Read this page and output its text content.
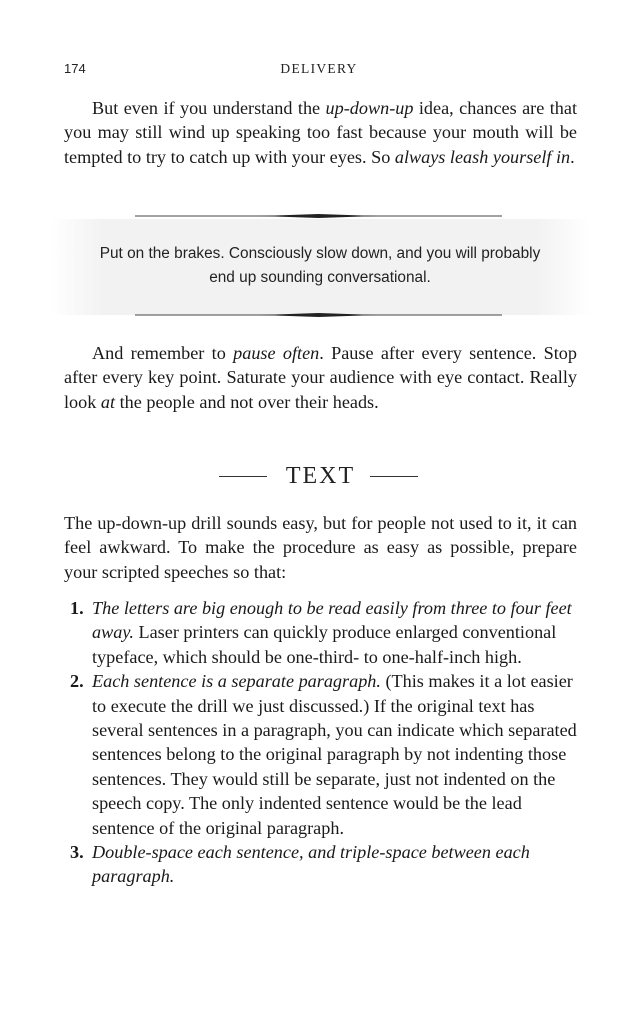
174	DELIVERY

But even if you understand the up-down-up idea, chances are that you may still wind up speaking too fast because your mouth will be tempted to try to catch up with your eyes. So always leash yourself in.

Put on the brakes. Consciously slow down, and you will probably
end up sounding conversational.

And remember to pause often. Pause after every sentence. Stop after every key point. Saturate your audience with eye contact. Really look at the people and not over their heads.

TEXT

The up-down-up drill sounds easy, but for people not used to it, it can feel awkward. To make the procedure as easy as possible, prepare your scripted speeches so that:

1. The letters are big enough to be read easily from three to four feet away. Laser printers can quickly produce enlarged conventional typeface, which should be one-third- to one-half-inch high.
2. Each sentence is a separate paragraph. (This makes it a lot easier to execute the drill we just discussed.) If the original text has several sentences in a paragraph, you can indicate which separated sentences belong to the original paragraph by not indenting those sentences. They would still be separate, just not indented on the speech copy. The only indented sentence would be the lead sentence of the original paragraph.
3. Double-space each sentence, and triple-space between each paragraph.
